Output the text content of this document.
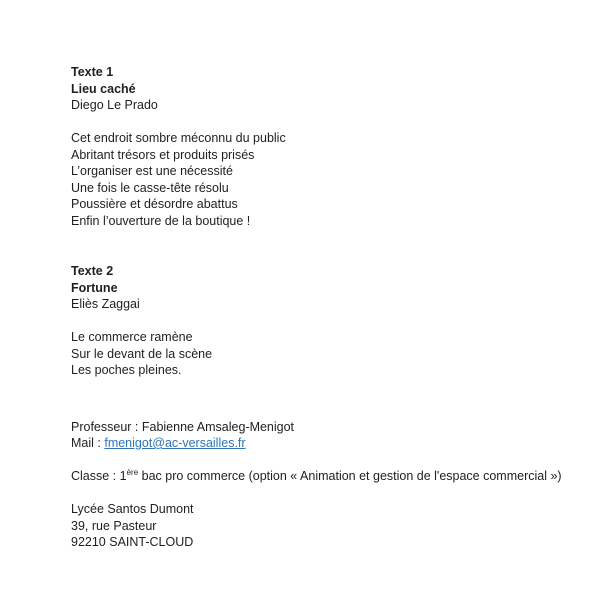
Texte 1
Lieu caché
Diego Le Prado
Cet endroit sombre méconnu du public
Abritant trésors et produits prisés
L’organiser est une nécessité
Une fois le casse-tête résolu
Poussière et désordre abattus
Enfin l’ouverture de la boutique !
Texte 2
Fortune
Eliès Zaggai
Le commerce ramène
Sur le devant de la scène
Les poches pleines.
Professeur : Fabienne Amsaleg-Menigot
Mail : fmenigot@ac-versailles.fr
Classe : 1ère bac pro commerce (option « Animation et gestion de l'espace commercial »)
Lycée Santos Dumont
39, rue Pasteur
92210 SAINT-CLOUD
